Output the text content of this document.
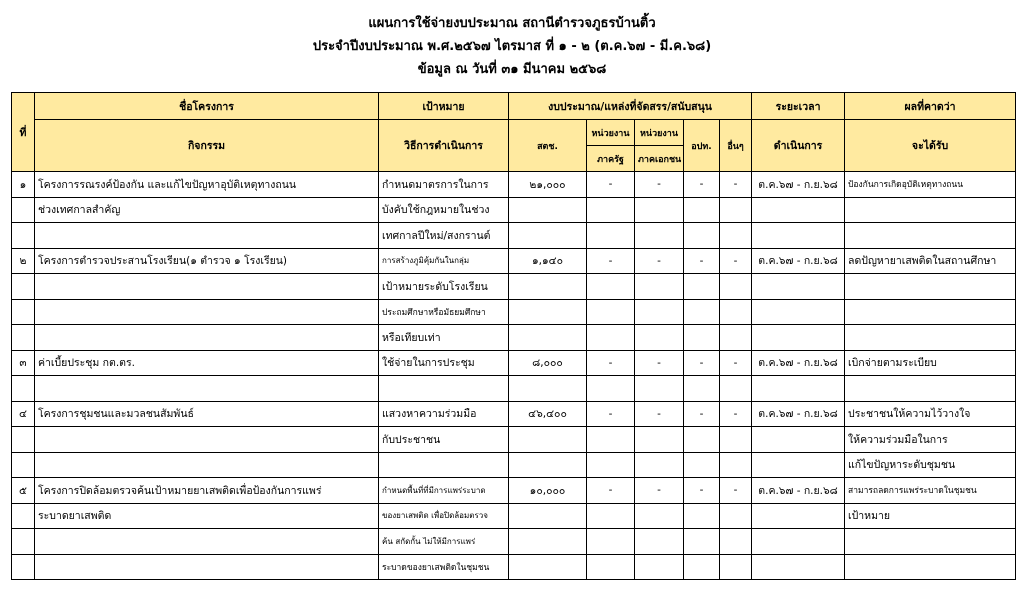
แผนการใช้จ่ายงบประมาณ สถานีตำรวจภูธรบ้านติ้ว
ประจำปีงบประมาณ พ.ศ.๒๕๖๗ ไตรมาส ที่ ๑ - ๒ (ต.ค.๖๗ - มี.ค.๖๘)
ข้อมูล ณ วันที่ ๓๑ มีนาคม ๒๕๖๘
ที่	ชื่อโครงการ	เป้าหมาย	งบประมาณ/แหล่งที่จัดสรร/สนับสนุน					ระยะเวลา	ผลที่คาดว่า
	กิจกรรม	วิธีการดำเนินการ	สตช.	หน่วยงาน	หน่วยงาน	อปท.	อื่นๆ	ดำเนินการ	จะได้รับ
				ภาครัฐ	ภาคเอกชน				
๑	โครงการรณรงค์ป้องกัน และแก้ไขปัญหาอุบัติเหตุทางถนน	กำหนดมาตรการในการ	๒๑,๐๐๐	-	-	-	-	ต.ค.๖๗ - ก.ย.๖๘	ป้องกันการเกิดอุบัติเหตุทางถนน
	ช่วงเทศกาลสำคัญ	บังคับใช้กฎหมายในช่วง							
		เทศกาลปีใหม่/สงกรานต์							
๒	โครงการตำรวจประสานโรงเรียน(๑ ตำรวจ ๑ โรงเรียน)	การสร้างภูมิคุ้มกันในกลุ่ม	๑,๑๔๐	-	-	-	-	ต.ค.๖๗ - ก.ย.๖๘	ลดปัญหายาเสพติดในสถานศึกษา
		เป้าหมายระดับโรงเรียน							
		ประถมศึกษาหรือมัธยมศึกษา							
		หรือเทียบเท่า							
๓	ค่าเบี้ยประชุม กต.ตร.	ใช้จ่ายในการประชุม	๘,๐๐๐	-	-	-	-	ต.ค.๖๗ - ก.ย.๖๘	เบิกจ่ายตามระเบียบ

๔	โครงการชุมชนและมวลชนสัมพันธ์	แสวงหาความร่วมมือ	๔๖,๔๐๐	-	-	-	-	ต.ค.๖๗ - ก.ย.๖๘	ประชาชนให้ความไว้วางใจ
		กับประชาชน							ให้ความร่วมมือในการ
									แก้ไขปัญหาระดับชุมชน
๕	โครงการปิดล้อมตรวจค้นเป้าหมายยาเสพติดเพื่อป้องกันการแพร่	กำหนดพื้นที่ที่มีการแพร่ระบาด	๑๐,๐๐๐	-	-	-	-	ต.ค.๖๗ - ก.ย.๖๘	สามารถลดการแพร่ระบาดในชุมชน
	ระบาดยาเสพติด	ของยาเสพติด เพื่อปิดล้อมตรวจ							เป้าหมาย
		ค้น สกัดกั้น ไม่ให้มีการแพร่							
		ระบาดของยาเสพติดในชุมชน							
